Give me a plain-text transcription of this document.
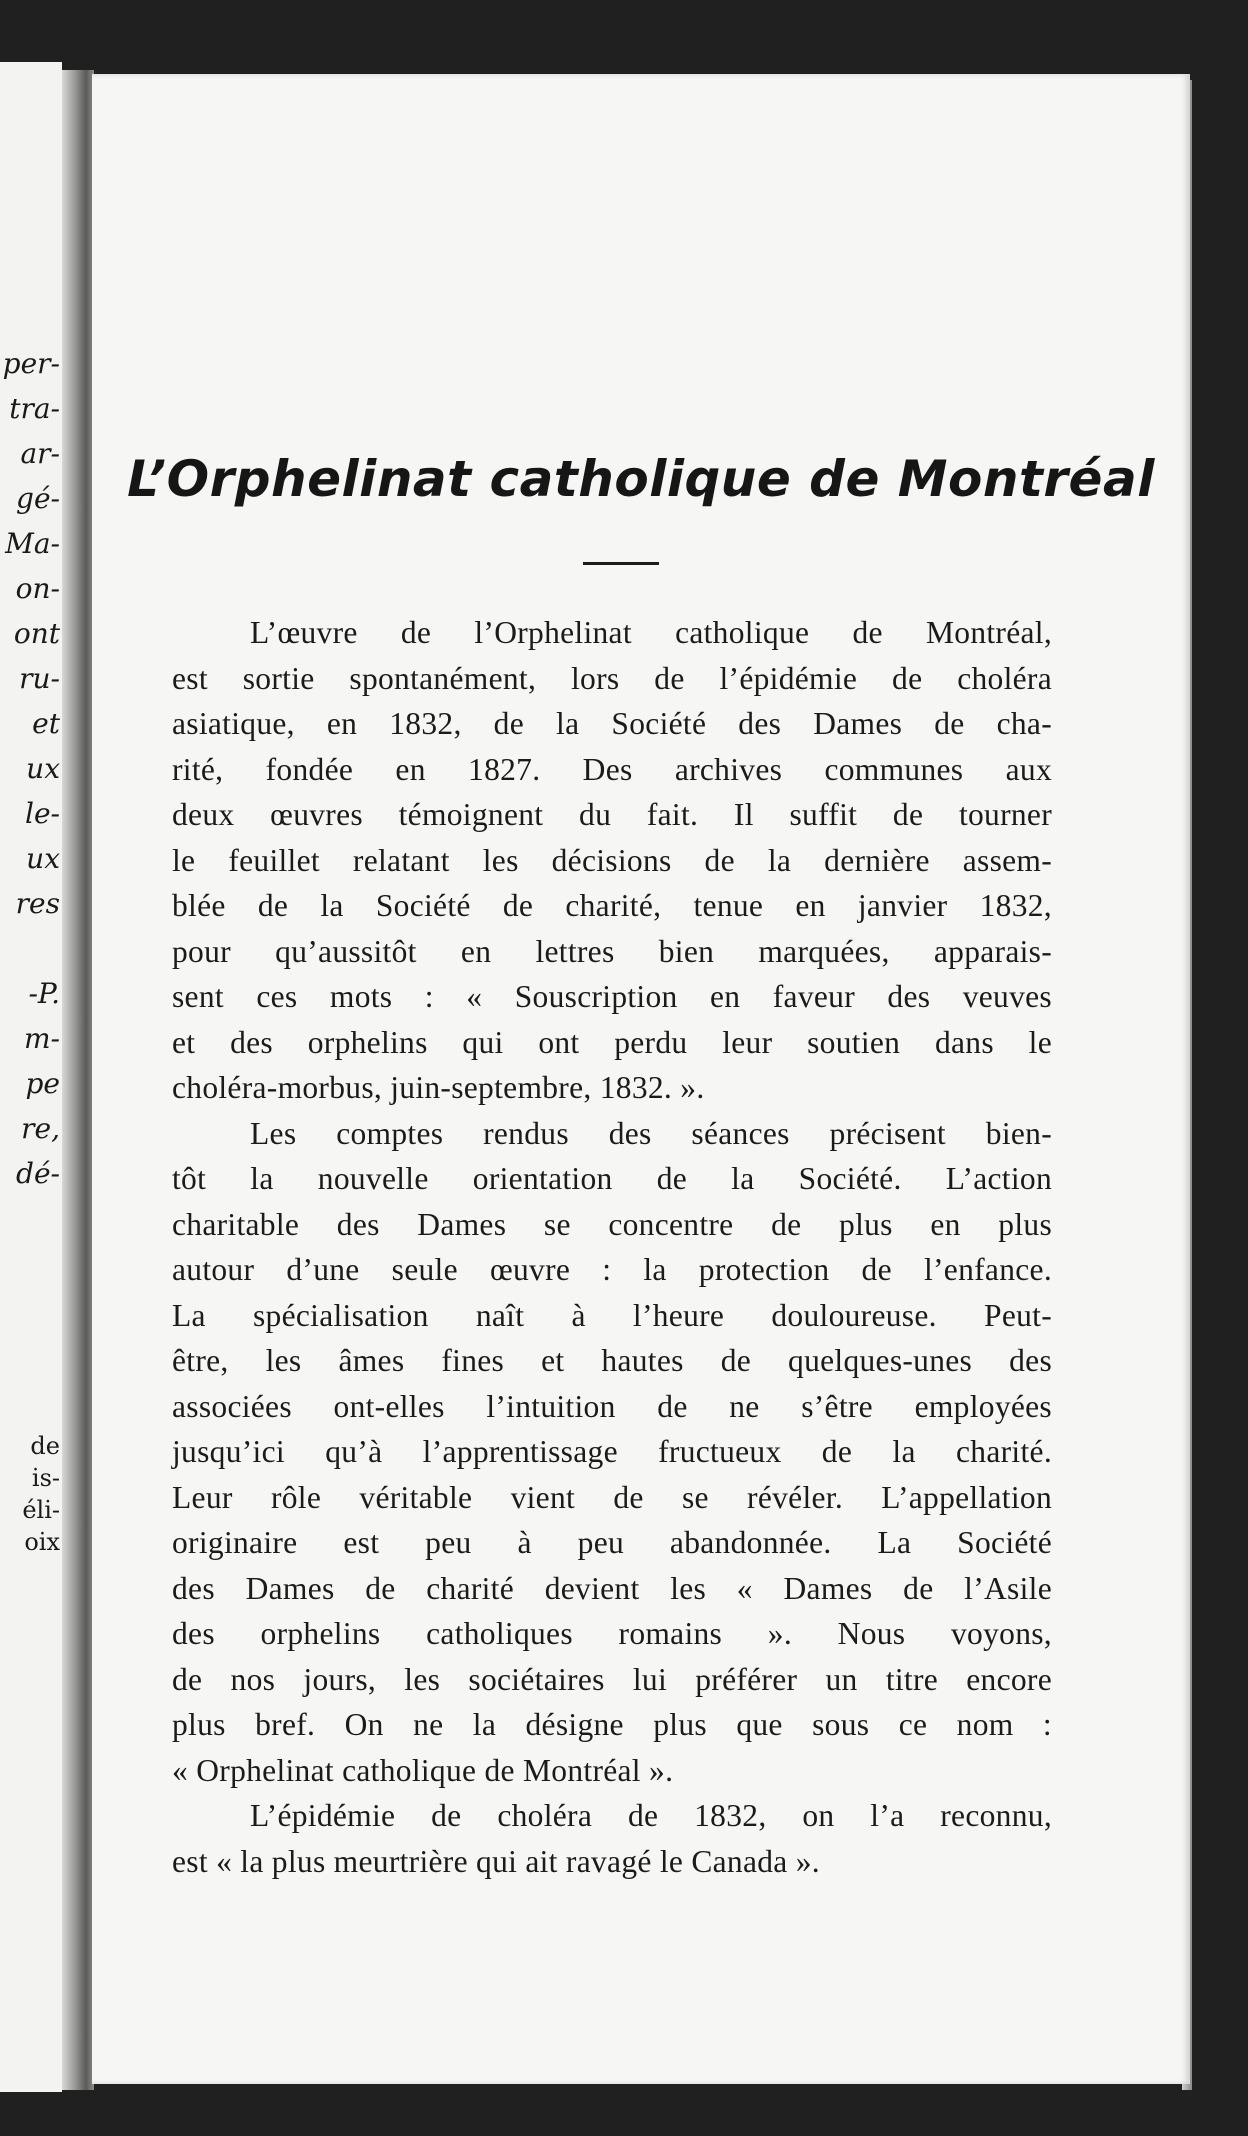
per-
tra-
ar-
gé-
Ma-
on-
ont
ru-
et
ux
le-
ux
res
-P.
m-
pe
re,
dé-
de
is-
éli-
oix
L’Orphelinat catholique de Montréal
L’œuvre de l’Orphelinat catholique de Montréal,
est sortie spontanément, lors de l’épidémie de choléra
asiatique, en 1832, de la Société des Dames de cha-
rité, fondée en 1827. Des archives communes aux
deux œuvres témoignent du fait. Il suffit de tourner
le feuillet relatant les décisions de la dernière assem-
blée de la Société de charité, tenue en janvier 1832,
pour qu’aussitôt en lettres bien marquées, apparais-
sent ces mots : « Souscription en faveur des veuves
et des orphelins qui ont perdu leur soutien dans le
choléra-morbus, juin-septembre, 1832. ».
Les comptes rendus des séances précisent bien-
tôt la nouvelle orientation de la Société. L’action
charitable des Dames se concentre de plus en plus
autour d’une seule œuvre : la protection de l’enfance.
La spécialisation naît à l’heure douloureuse. Peut-
être, les âmes fines et hautes de quelques-unes des
associées ont-elles l’intuition de ne s’être employées
jusqu’ici qu’à l’apprentissage fructueux de la charité.
Leur rôle véritable vient de se révéler. L’appellation
originaire est peu à peu abandonnée. La Société
des Dames de charité devient les « Dames de l’Asile
des orphelins catholiques romains ». Nous voyons,
de nos jours, les sociétaires lui préférer un titre encore
plus bref. On ne la désigne plus que sous ce nom :
« Orphelinat catholique de Montréal ».
L’épidémie de choléra de 1832, on l’a reconnu,
est « la plus meurtrière qui ait ravagé le Canada ».
